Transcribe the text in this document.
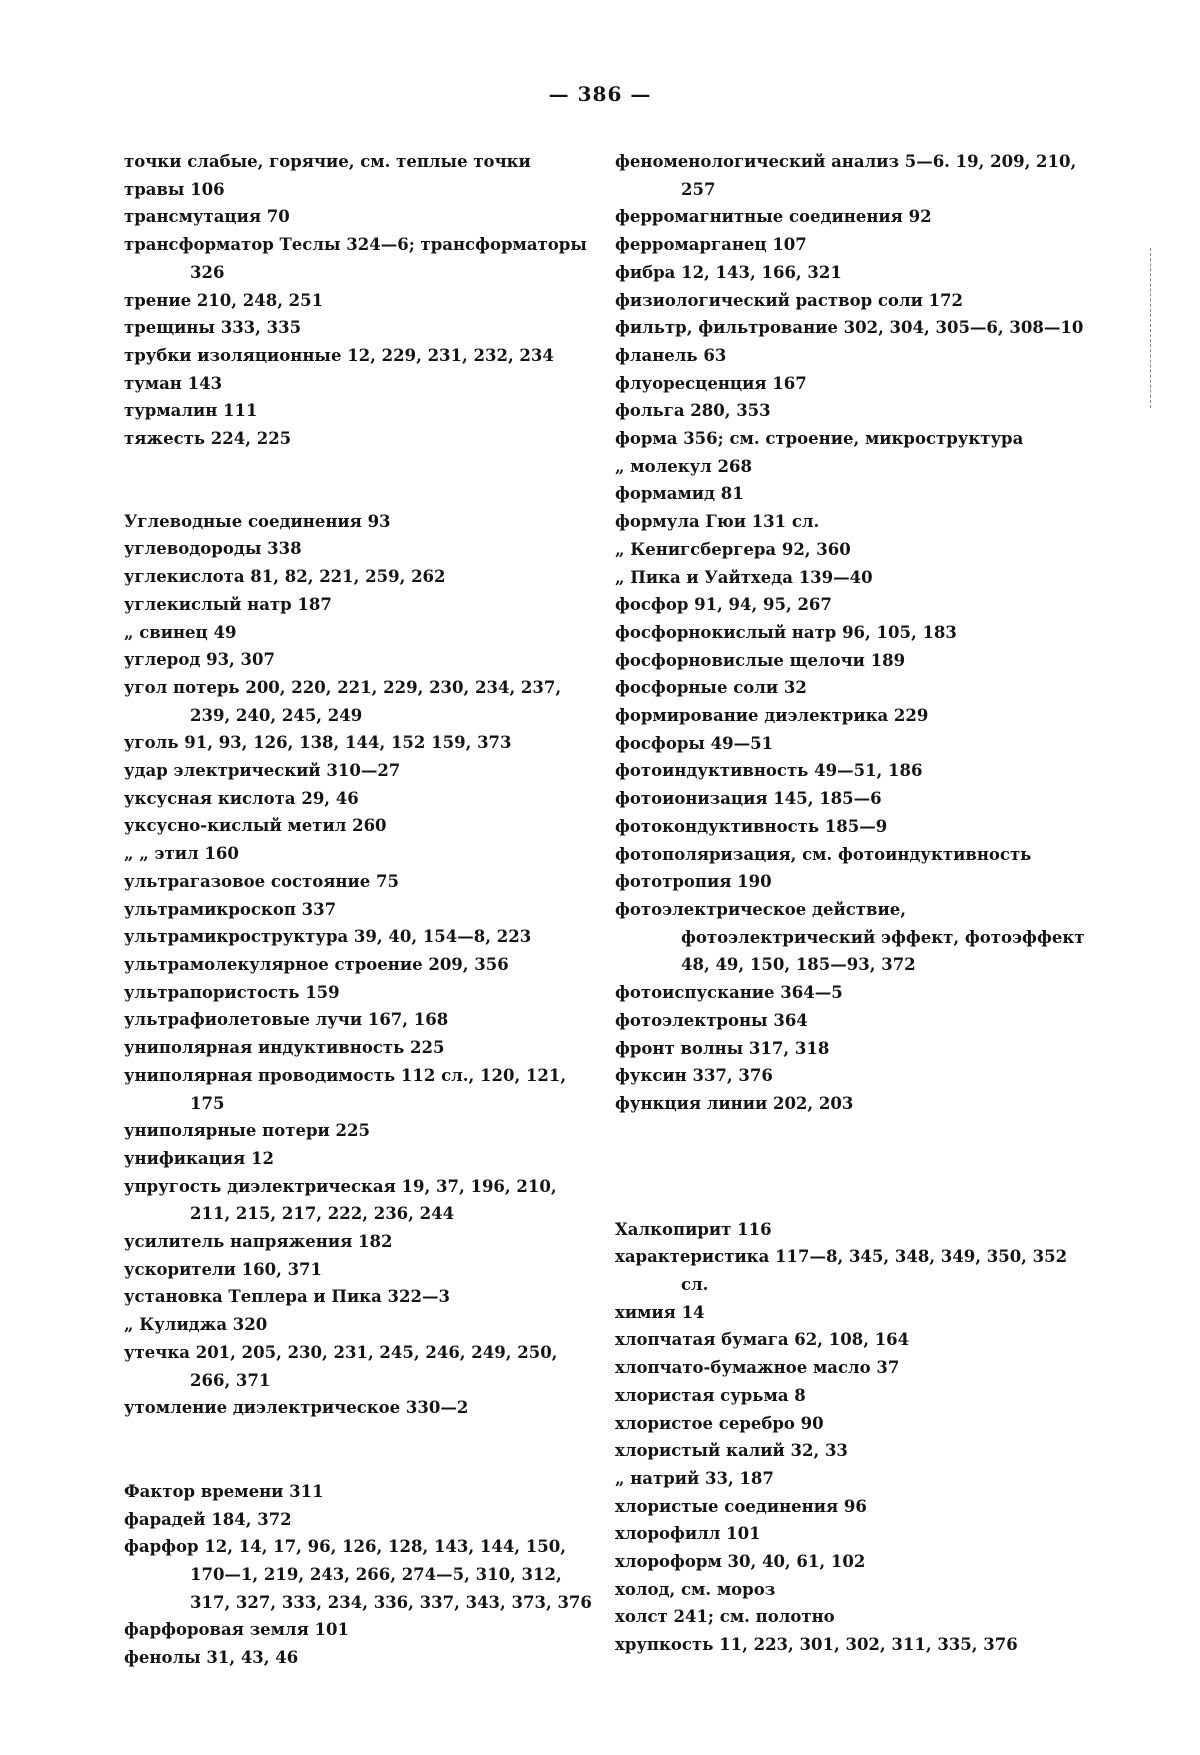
— 386 —

точки слабые, горячие, см. теплые точки

травы 106

трансмутация 70

трансформатор Теслы 324—6; трансформаторы 326

трение 210, 248, 251

трещины 333, 335

трубки изоляционные 12, 229, 231, 232, 234

туман 143

турмалин 111

тяжесть 224, 225

Углеводные соединения 93

углеводороды 338

углекислота 81, 82, 221, 259, 262

углекислый натр 187

„ свинец 49

углерод 93, 307

угол потерь 200, 220, 221, 229, 230, 234, 237, 239, 240, 245, 249

уголь 91, 93, 126, 138, 144, 152 159, 373

удар электрический 310—27

уксусная кислота 29, 46

уксусно-кислый метил 260

„ „ этил 160

ультрагазовое состояние 75

ультрамикроскоп 337

ультрамикроструктура 39, 40, 154—8, 223

ультрамолекулярное строение 209, 356

ультрапористость 159

ультрафиолетовые лучи 167, 168

униполярная индуктивность 225

униполярная проводимость 112 сл., 120, 121, 175

униполярные потери 225

унификация 12

упругость диэлектрическая 19, 37, 196, 210, 211, 215, 217, 222, 236, 244

усилитель напряжения 182

ускорители 160, 371

установка Теплера и Пика 322—3

„ Кулиджа 320

утечка 201, 205, 230, 231, 245, 246, 249, 250, 266, 371

утомление диэлектрическое 330—2

Фактор времени 311

фарадей 184, 372

фарфор 12, 14, 17, 96, 126, 128, 143, 144, 150, 170—1, 219, 243, 266, 274—5, 310, 312, 317, 327, 333, 234, 336, 337, 343, 373, 376

фарфоровая земля 101

фенолы 31, 43, 46

феноменологический анализ 5—6. 19, 209, 210, 257

ферромагнитные соединения 92

ферромарганец 107

фибра 12, 143, 166, 321

физиологический раствор соли 172

фильтр, фильтрование 302, 304, 305—6, 308—10

фланель 63

флуоресценция 167

фольга 280, 353

форма 356; см. строение, микроструктура

„ молекул 268

формамид 81

формула Гюи 131 сл.

„ Кенигсбергера 92, 360

„ Пика и Уайтхеда 139—40

фосфор 91, 94, 95, 267

фосфорнокислый натр 96, 105, 183

фосфорновислые щелочи 189

фосфорные соли 32

формирование диэлектрика 229

фосфоры 49—51

фотоиндуктивность 49—51, 186

фотоионизация 145, 185—6

фотокондуктивность 185—9

фотополяризация, см. фотоиндуктивность

фототропия 190

фотоэлектрическое действие, фотоэлектрический эффект, фотоэффект 48, 49, 150, 185—93, 372

фотоиспускание 364—5

фотоэлектроны 364

фронт волны 317, 318

фуксин 337, 376

функция линии 202, 203

Халкопирит 116

характеристика 117—8, 345, 348, 349, 350, 352 сл.

химия 14

хлопчатая бумага 62, 108, 164

хлопчато-бумажное масло 37

хлористая сурьма 8

хлористое серебро 90

хлористый калий 32, 33

„ натрий 33, 187

хлористые соединения 96

хлорофилл 101

хлороформ 30, 40, 61, 102

холод, см. мороз

холст 241; см. полотно

хрупкость 11, 223, 301, 302, 311, 335, 376
